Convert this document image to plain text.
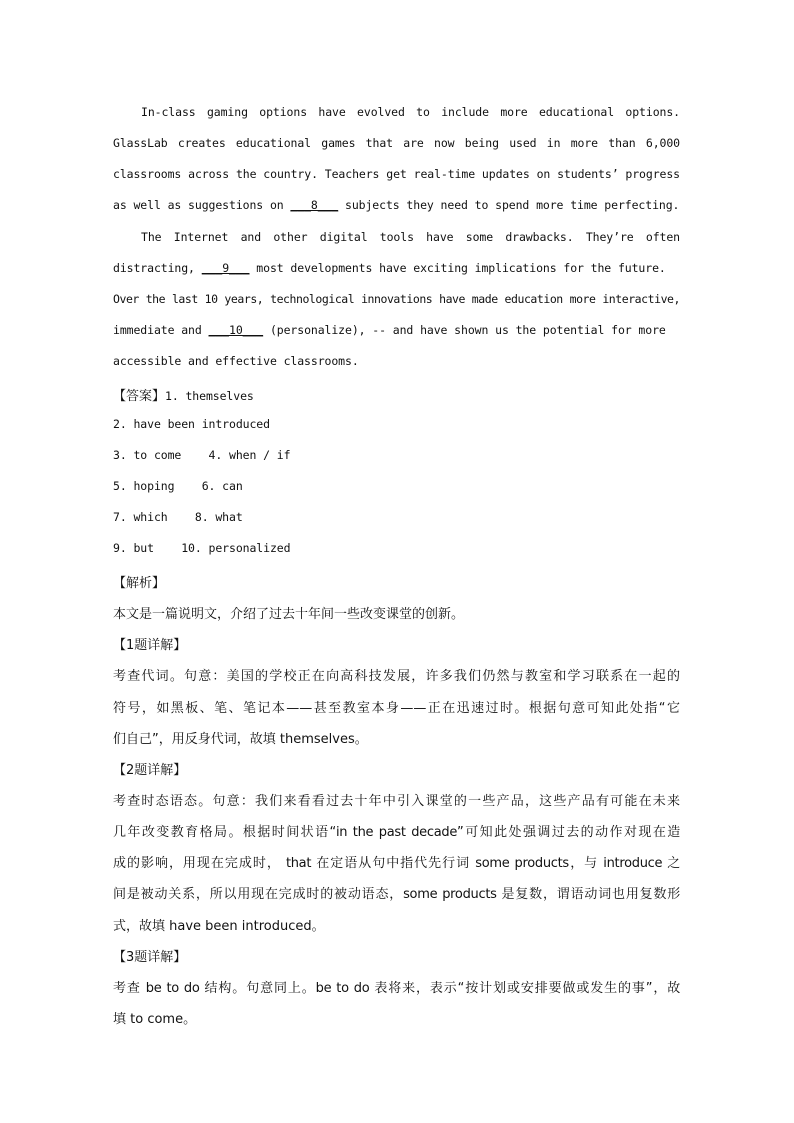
In-class gaming options have evolved to include more educational options.
GlassLab creates educational games that are now being used in more than 6,000
classrooms across the country. Teachers get real-time updates on students’ progress
as well as suggestions on ___8___ subjects they need to spend more time perfecting.
The Internet and other digital tools have some drawbacks. They’re often
distracting, ___9___ most developments have exciting implications for the future.
Over the last 10 years, technological innovations have made education more interactive,
immediate and ___10___ (personalize), -- and have shown us the potential for more
accessible and effective classrooms.
【答案】1. themselves
2. have been introduced
3. to come    4. when / if
5. hoping    6. can
7. which    8. what
9. but    10. personalized
【解析】
本文是一篇说明文，介绍了过去十年间一些改变课堂的创新。
【1题详解】
考查代词。句意：美国的学校正在向高科技发展，许多我们仍然与教室和学习联系在一起的
符号，如黑板、笔、笔记本——甚至教室本身——正在迅速过时。根据句意可知此处指“它
们自己”，用反身代词，故填 themselves。
【2题详解】
考查时态语态。句意：我们来看看过去十年中引入课堂的一些产品，这些产品有可能在未来
几年改变教育格局。根据时间状语“in the past decade”可知此处强调过去的动作对现在造
成的影响，用现在完成时， that 在定语从句中指代先行词 some products，与 introduce 之
间是被动关系，所以用现在完成时的被动语态，some products 是复数，谓语动词也用复数形
式，故填 have been introduced。
【3题详解】
考查 be to do 结构。句意同上。be to do 表将来，表示“按计划或安排要做或发生的事”，故
填 to come。
